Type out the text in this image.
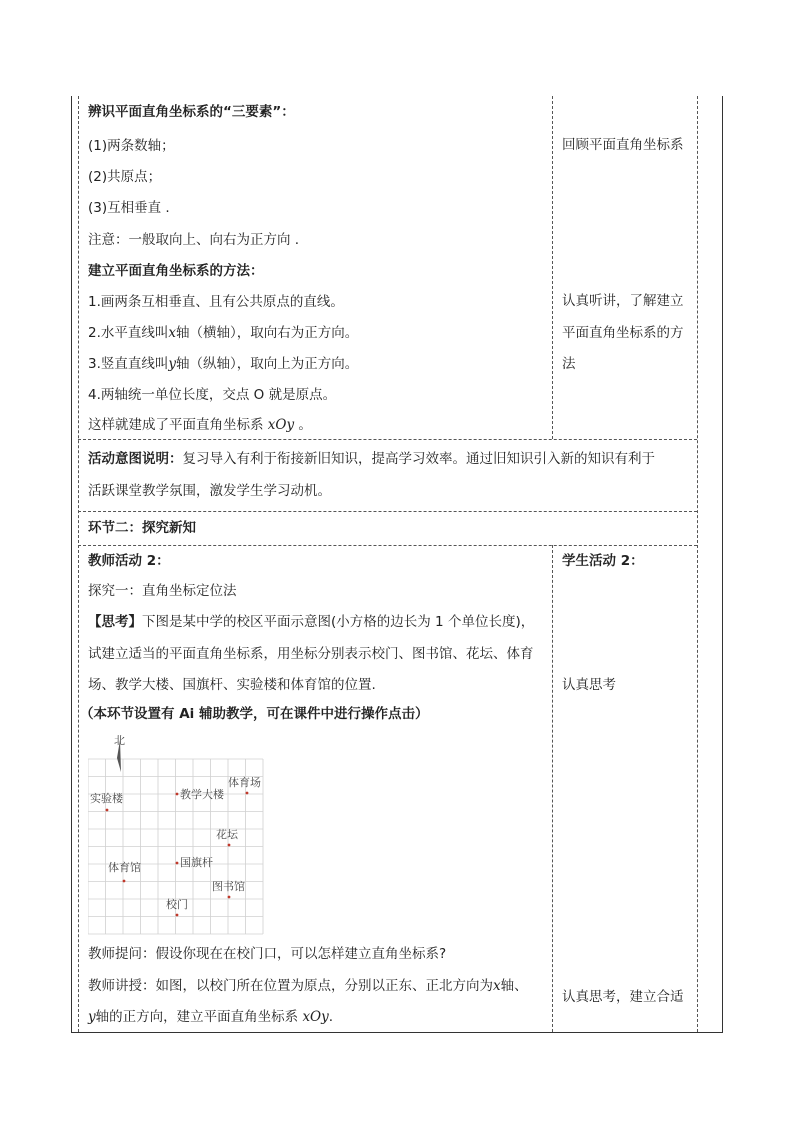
辨识平面直角坐标系的“三要素”：
(1)两条数轴；
(2)共原点；
(3)互相垂直 .
注意：一般取向上、向右为正方向 .
建立平面直角坐标系的方法：
1.画两条互相垂直、且有公共原点的直线。
2.水平直线叫x轴（横轴），取向右为正方向。
3.竖直直线叫y轴（纵轴），取向上为正方向。
4.两轴统一单位长度，交点 O 就是原点。
这样就建成了平面直角坐标系 xOy 。
回顾平面直角坐标系
认真听讲，了解建立
平面直角坐标系的方
法
活动意图说明：复习导入有利于衔接新旧知识，提高学习效率。通过旧知识引入新的知识有利于
活跃课堂教学氛围，激发学生学习动机。
环节二：探究新知
教师活动 2：
探究一：直角坐标定位法
【思考】下图是某中学的校区平面示意图(小方格的边长为 1 个单位长度)，
试建立适当的平面直角坐标系，用坐标分别表示校门、图书馆、花坛、体育
场、教学大楼、国旗杆、实验楼和体育馆的位置.
（本环节设置有 Ai 辅助教学，可在课件中进行操作点击）
北
实验楼	教学大楼
体育场
花坛
体育馆	国旗杆
图书馆
校门
教师提问：假设你现在在校门口，可以怎样建立直角坐标系?
教师讲授：如图，以校门所在位置为原点，分别以正东、正北方向为x轴、
y轴的正方向，建立平面直角坐标系 xOy.
学生活动 2：
认真思考
认真思考，建立合适
